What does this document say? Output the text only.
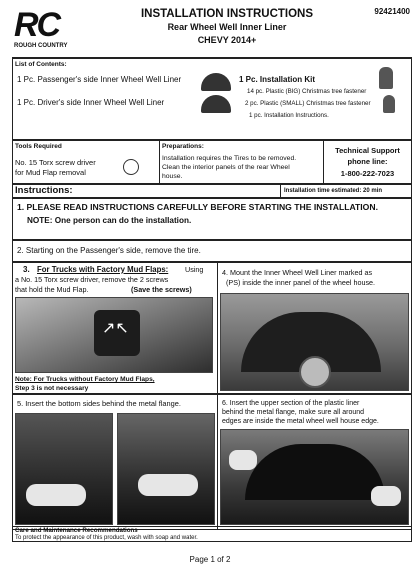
RC
ROUGH COUNTRY
92421400
INSTALLATION INSTRUCTIONS
Rear Wheel Well Inner Liner
CHEVY 2014+
List of Contents:
1 Pc. Passenger's side Inner Wheel Well Liner
1 Pc. Driver's side Inner Wheel Well Liner
1 Pc. Installation Kit
14 pc. Plastic (BIG) Christmas tree fastener
2 pc. Plastic (SMALL) Christmas tree fastener
1 pc. Installation Instructions.
Tools Required
No. 15 Torx screw driver
for Mud Flap removal
Preparations:
Installation requires the Tires to be removed.
Clean the interior panels of the rear Wheel
house.
Technical Support
phone line:
1-800-222-7023
Instructions:	Installation time estimated: 20 min
1. PLEASE READ INSTRUCTIONS CAREFULLY BEFORE STARTING THE INSTALLATION.
NOTE: One person can do the installation.
2. Starting on the Passenger's side, remove the tire.
3. For Trucks with Factory Mud Flaps: Using
a No. 15 Torx screw driver, remove the 2 screws
that hold the Mud Flap.	(Save the screws)
↗↖
Note: For Trucks without Factory Mud Flaps,
Step 3 is not necessary
4. Mount the Inner Wheel Well Liner marked as
(PS) inside the inner panel of the wheel house.
5. Insert the bottom sides behind the metal flange.	6. Insert the upper section of the plastic liner
behind the metal flange, make sure all around
edges are inside the metal wheel well house edge.
Care and Maintenance Recommendations
To protect the appearance of this product, wash with soap and water.
Page 1 of 2
